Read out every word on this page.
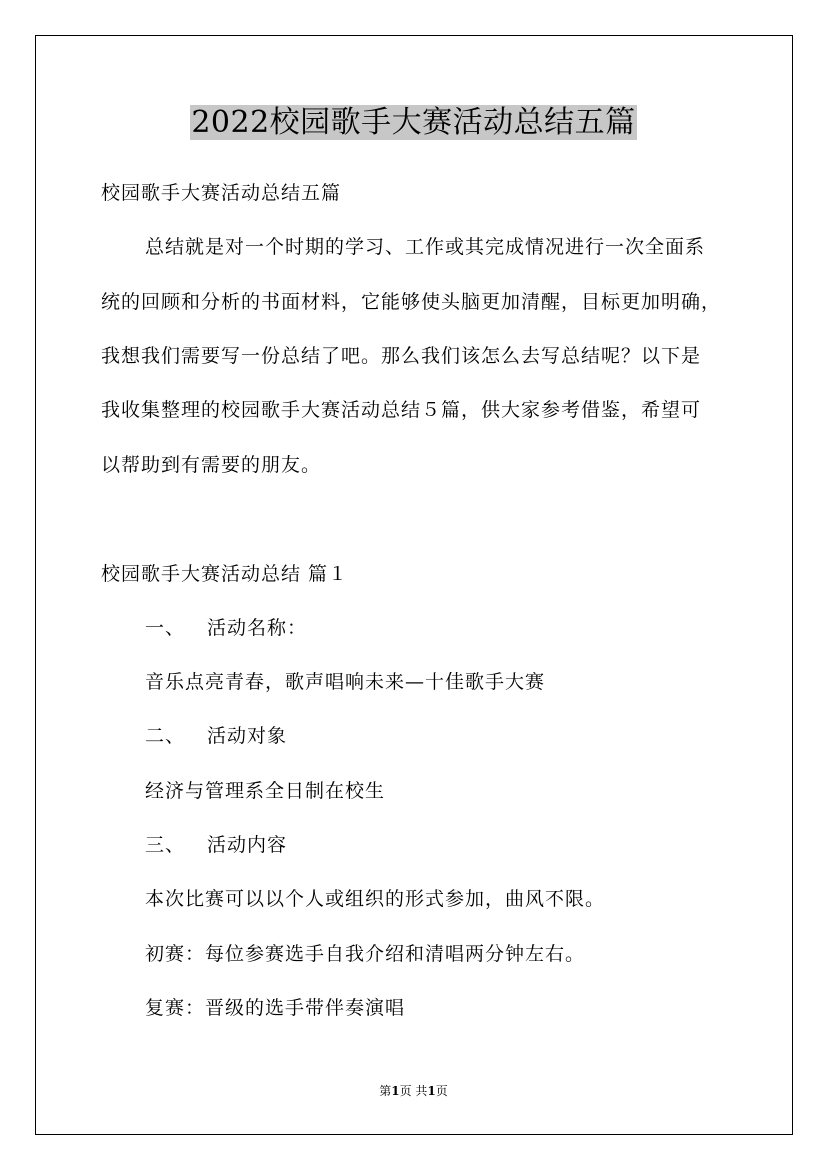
2022校园歌手大赛活动总结五篇
校园歌手大赛活动总结五篇
总结就是对一个时期的学习、工作或其完成情况进行一次全面系
统的回顾和分析的书面材料，它能够使头脑更加清醒，目标更加明确，
我想我们需要写一份总结了吧。那么我们该怎么去写总结呢？以下是
我收集整理的校园歌手大赛活动总结５篇，供大家参考借鉴，希望可
以帮助到有需要的朋友。
校园歌手大赛活动总结 篇１
一、 活动名称：
音乐点亮青春，歌声唱响未来—十佳歌手大赛
二、 活动对象
经济与管理系全日制在校生
三、 活动内容
本次比赛可以以个人或组织的形式参加，曲风不限。
初赛：每位参赛选手自我介绍和清唱两分钟左右。
复赛：晋级的选手带伴奏演唱
第1页 共1页
